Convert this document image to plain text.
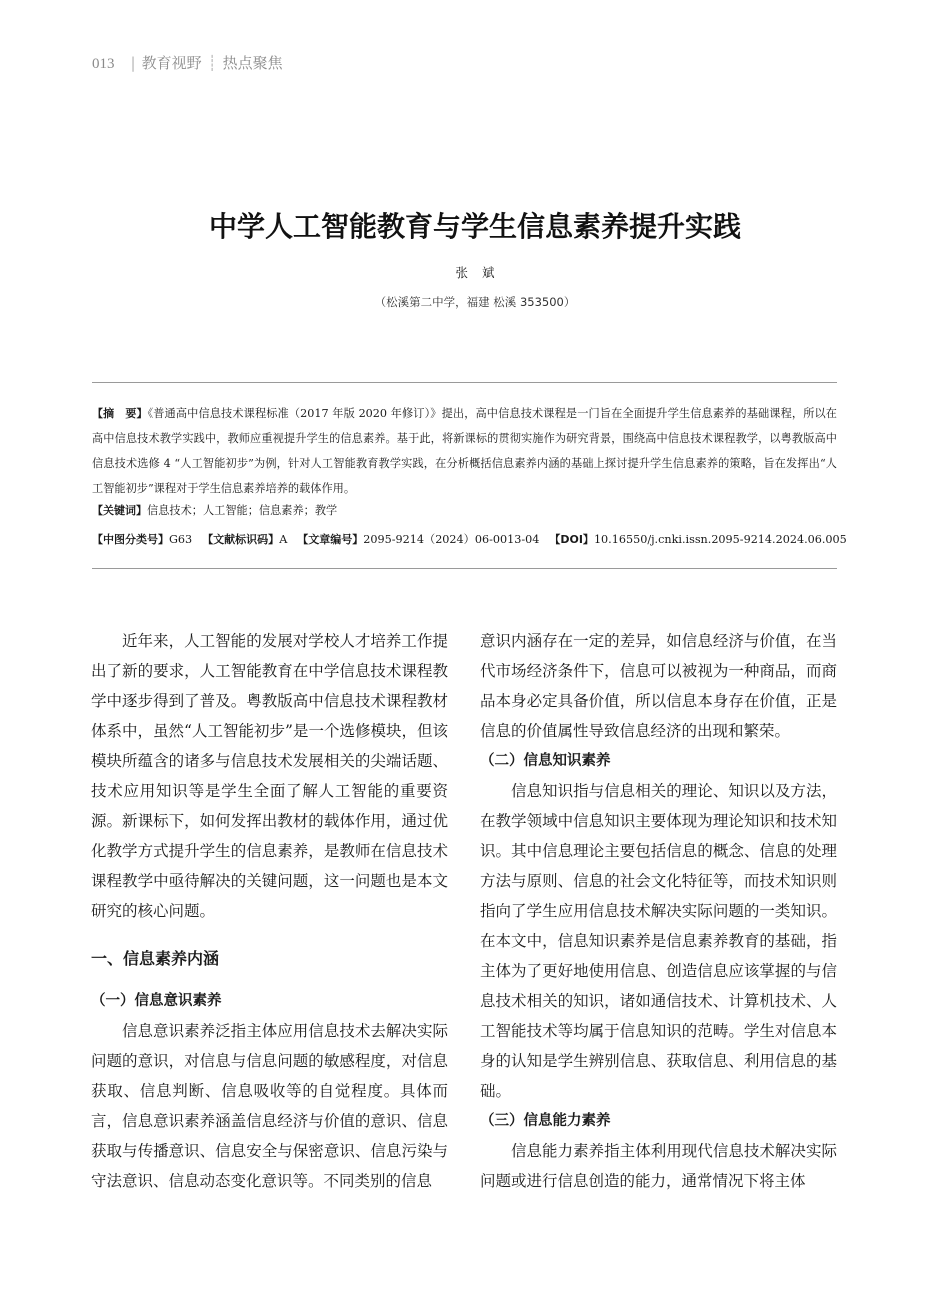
013 | 教育视野 ┊ 热点聚焦
中学人工智能教育与学生信息素养提升实践
张斌
（松溪第二中学，福建 松溪 353500）

【摘　要】《普通高中信息技术课程标准（2017 年版 2020 年修订）》提出，高中信息技术课程是一门旨在全面提升学生信息素养的基础课程，所以在高中信息技术教学实践中，教师应重视提升学生的信息素养。基于此，将新课标的贯彻实施作为研究背景，围绕高中信息技术课程教学，以粤教版高中信息技术选修 4 “人工智能初步”为例，针对人工智能教育教学实践，在分析概括信息素养内涵的基础上探讨提升学生信息素养的策略，旨在发挥出“人工智能初步”课程对于学生信息素养培养的载体作用。

【关键词】信息技术；人工智能；信息素养；教学

【中图分类号】G63 【文献标识码】A 【文章编号】2095-9214（2024）06-0013-04 【DOI】10.16550/j.cnki.issn.2095-9214.2024.06.005

近年来，人工智能的发展对学校人才培养工作提出了新的要求，人工智能教育在中学信息技术课程教学中逐步得到了普及。粤教版高中信息技术课程教材体系中，虽然“人工智能初步”是一个选修模块，但该模块所蕴含的诸多与信息技术发展相关的尖端话题、技术应用知识等是学生全面了解人工智能的重要资源。新课标下，如何发挥出教材的载体作用，通过优化教学方式提升学生的信息素养，是教师在信息技术课程教学中亟待解决的关键问题，这一问题也是本文研究的核心问题。

一、信息素养内涵

（一）信息意识素养

信息意识素养泛指主体应用信息技术去解决实际问题的意识，对信息与信息问题的敏感程度，对信息获取、信息判断、信息吸收等的自觉程度。具体而言，信息意识素养涵盖信息经济与价值的意识、信息获取与传播意识、信息安全与保密意识、信息污染与守法意识、信息动态变化意识等。不同类别的信息

意识内涵存在一定的差异，如信息经济与价值，在当代市场经济条件下，信息可以被视为一种商品，而商品本身必定具备价值，所以信息本身存在价值，正是信息的价值属性导致信息经济的出现和繁荣。

（二）信息知识素养

信息知识指与信息相关的理论、知识以及方法，在教学领域中信息知识主要体现为理论知识和技术知识。其中信息理论主要包括信息的概念、信息的处理方法与原则、信息的社会文化特征等，而技术知识则指向了学生应用信息技术解决实际问题的一类知识。在本文中，信息知识素养是信息素养教育的基础，指主体为了更好地使用信息、创造信息应该掌握的与信息技术相关的知识，诸如通信技术、计算机技术、人工智能技术等均属于信息知识的范畴。学生对信息本身的认知是学生辨别信息、获取信息、利用信息的基础。

（三）信息能力素养

信息能力素养指主体利用现代信息技术解决实际问题或进行信息创造的能力，通常情况下将主体
